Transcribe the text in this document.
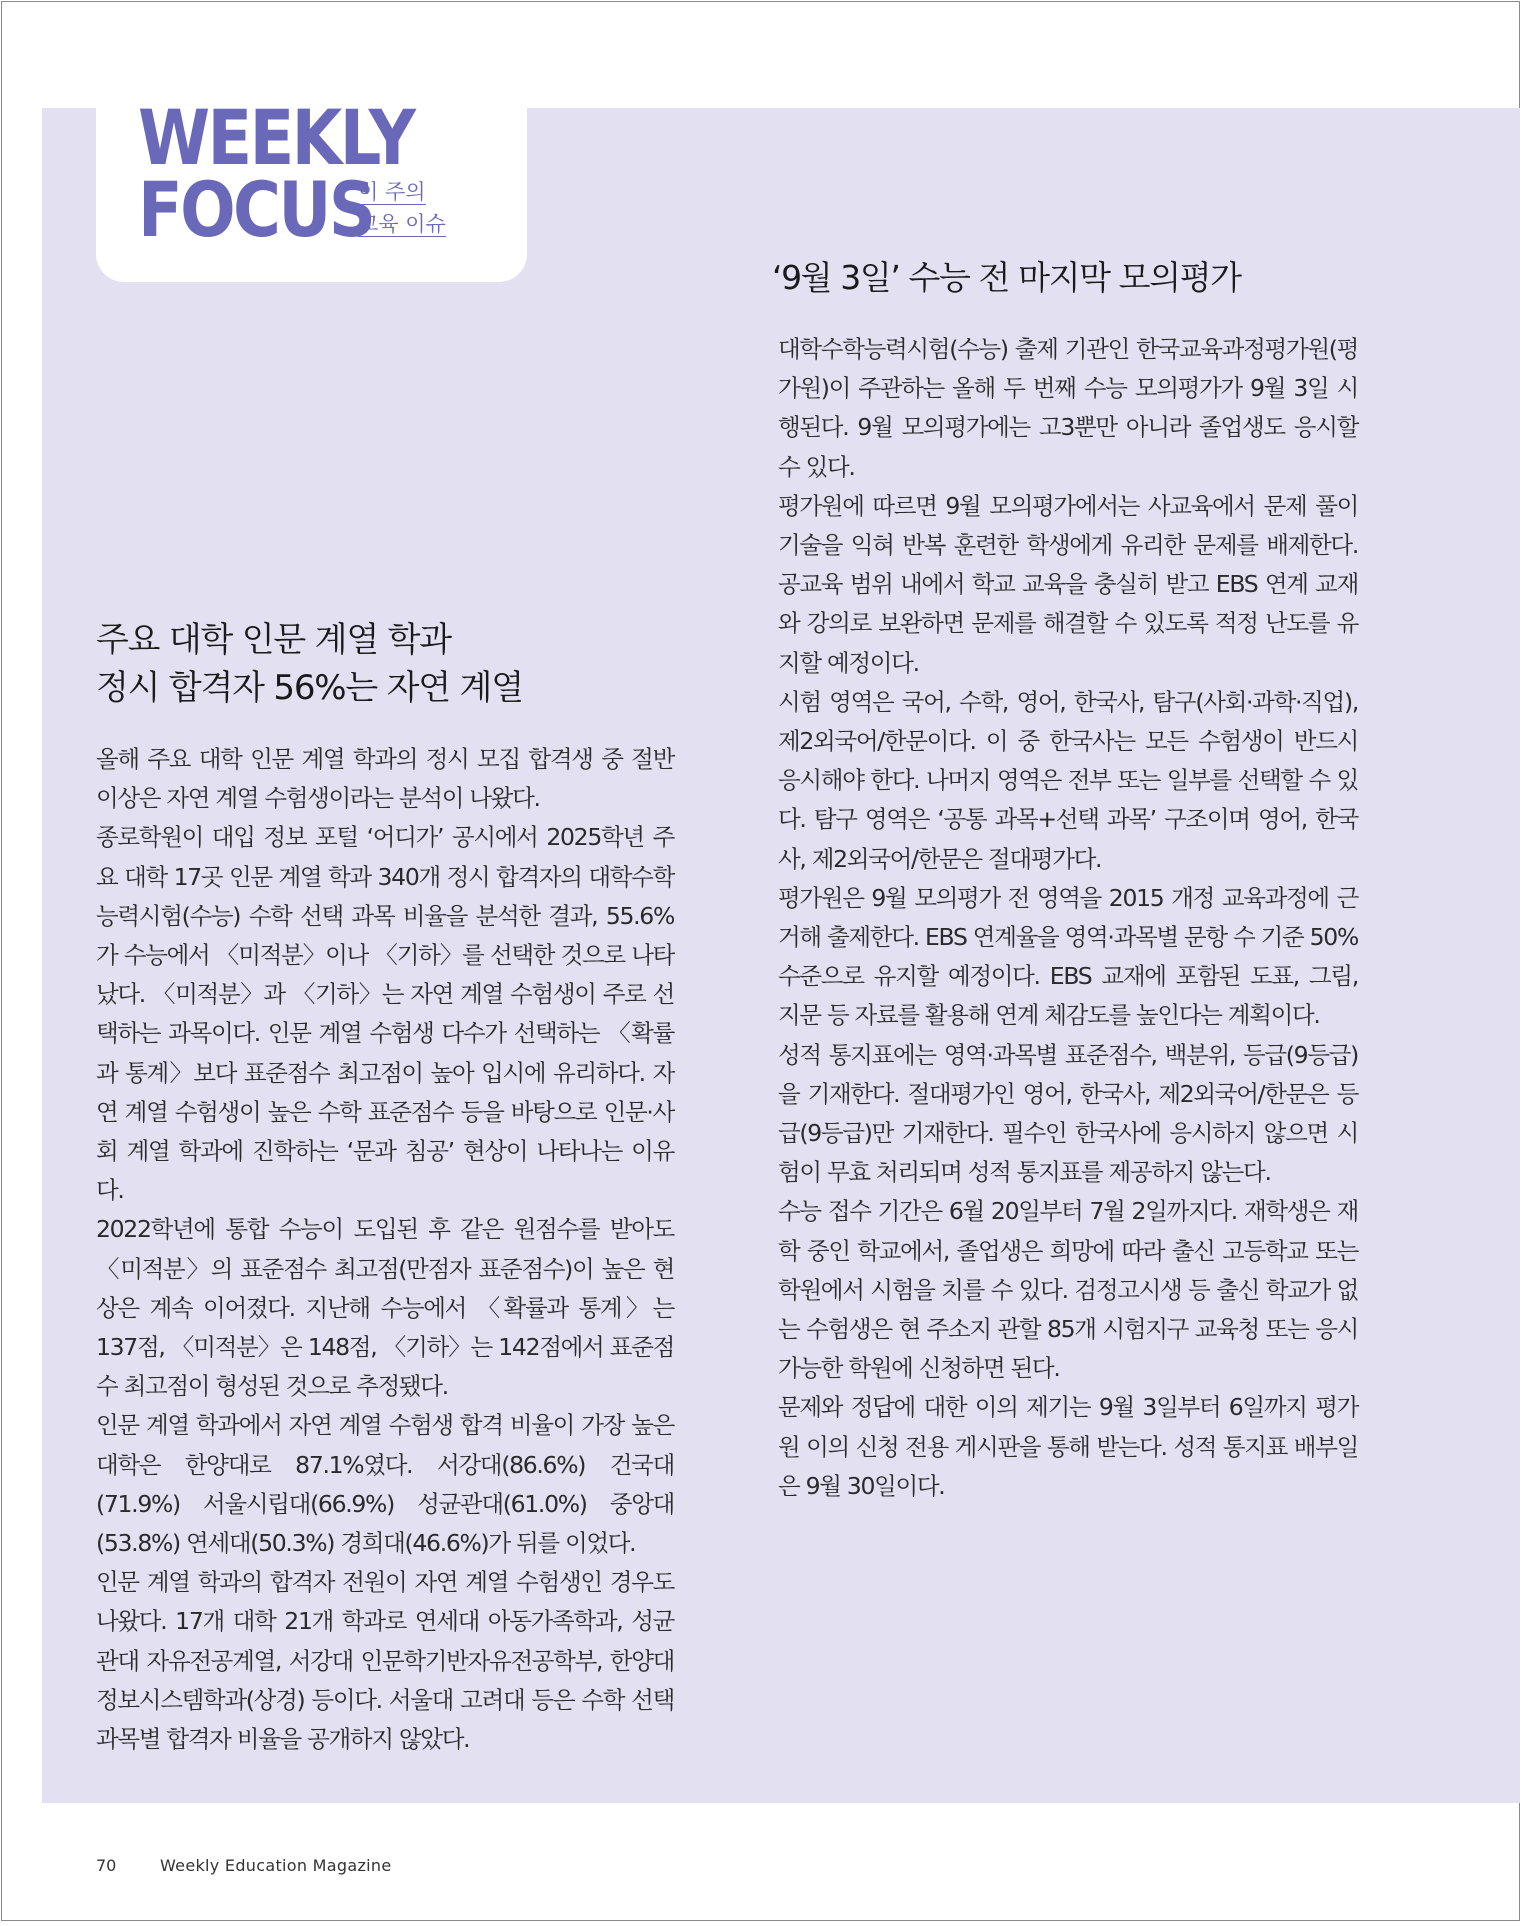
WEEKLY
FOCUS
이 주의
교육 이슈
‘9월 3일’ 수능 전 마지막 모의평가
주요 대학 인문 계열 학과
정시 합격자 56%는 자연 계열

올해 주요 대학 인문 계열 학과의 정시 모집 합격생 중 절반 이상은 자연 계열 수험생이라는 분석이 나왔다.

종로학원이 대입 정보 포털 ‘어디가’ 공시에서 2025학년 주요 대학 17곳 인문 계열 학과 340개 정시 합격자의 대학수학능력시험(수능) 수학 선택 과목 비율을 분석한 결과, 55.6%가 수능에서 〈미적분〉이나 〈기하〉를 선택한 것으로 나타났다. 〈미적분〉과 〈기하〉는 자연 계열 수험생이 주로 선택하는 과목이다. 인문 계열 수험생 다수가 선택하는 〈확률과 통계〉보다 표준점수 최고점이 높아 입시에 유리하다. 자연 계열 수험생이 높은 수학 표준점수 등을 바탕으로 인문·사회 계열 학과에 진학하는 ‘문과 침공’ 현상이 나타나는 이유다.

2022학년에 통합 수능이 도입된 후 같은 원점수를 받아도 〈미적분〉의 표준점수 최고점(만점자 표준점수)이 높은 현상은 계속 이어졌다. 지난해 수능에서 〈확률과 통계〉는 137점, 〈미적분〉은 148점, 〈기하〉는 142점에서 표준점수 최고점이 형성된 것으로 추정됐다.

인문 계열 학과에서 자연 계열 수험생 합격 비율이 가장 높은 대학은 한양대로 87.1%였다. 서강대(86.6%) 건국대(71.9%) 서울시립대(66.9%) 성균관대(61.0%) 중앙대(53.8%) 연세대(50.3%) 경희대(46.6%)가 뒤를 이었다.

인문 계열 학과의 합격자 전원이 자연 계열 수험생인 경우도 나왔다. 17개 대학 21개 학과로 연세대 아동가족학과, 성균관대 자유전공계열, 서강대 인문학기반자유전공학부, 한양대 정보시스템학과(상경) 등이다. 서울대 고려대 등은 수학 선택 과목별 합격자 비율을 공개하지 않았다.

대학수학능력시험(수능) 출제 기관인 한국교육과정평가원(평가원)이 주관하는 올해 두 번째 수능 모의평가가 9월 3일 시행된다. 9월 모의평가에는 고3뿐만 아니라 졸업생도 응시할 수 있다.

평가원에 따르면 9월 모의평가에서는 사교육에서 문제 풀이 기술을 익혀 반복 훈련한 학생에게 유리한 문제를 배제한다. 공교육 범위 내에서 학교 교육을 충실히 받고 EBS 연계 교재와 강의로 보완하면 문제를 해결할 수 있도록 적정 난도를 유지할 예정이다.

시험 영역은 국어, 수학, 영어, 한국사, 탐구(사회·과학·직업), 제2외국어/한문이다. 이 중 한국사는 모든 수험생이 반드시 응시해야 한다. 나머지 영역은 전부 또는 일부를 선택할 수 있다. 탐구 영역은 ‘공통 과목+선택 과목’ 구조이며 영어, 한국사, 제2외국어/한문은 절대평가다.

평가원은 9월 모의평가 전 영역을 2015 개정 교육과정에 근거해 출제한다. EBS 연계율을 영역·과목별 문항 수 기준 50% 수준으로 유지할 예정이다. EBS 교재에 포함된 도표, 그림, 지문 등 자료를 활용해 연계 체감도를 높인다는 계획이다.

성적 통지표에는 영역·과목별 표준점수, 백분위, 등급(9등급)을 기재한다. 절대평가인 영어, 한국사, 제2외국어/한문은 등급(9등급)만 기재한다. 필수인 한국사에 응시하지 않으면 시험이 무효 처리되며 성적 통지표를 제공하지 않는다.

수능 접수 기간은 6월 20일부터 7월 2일까지다. 재학생은 재학 중인 학교에서, 졸업생은 희망에 따라 출신 고등학교 또는 학원에서 시험을 치를 수 있다. 검정고시생 등 출신 학교가 없는 수험생은 현 주소지 관할 85개 시험지구 교육청 또는 응시 가능한 학원에 신청하면 된다.

문제와 정답에 대한 이의 제기는 9월 3일부터 6일까지 평가원 이의 신청 전용 게시판을 통해 받는다. 성적 통지표 배부일은 9월 30일이다.

70	Weekly Education Magazine
